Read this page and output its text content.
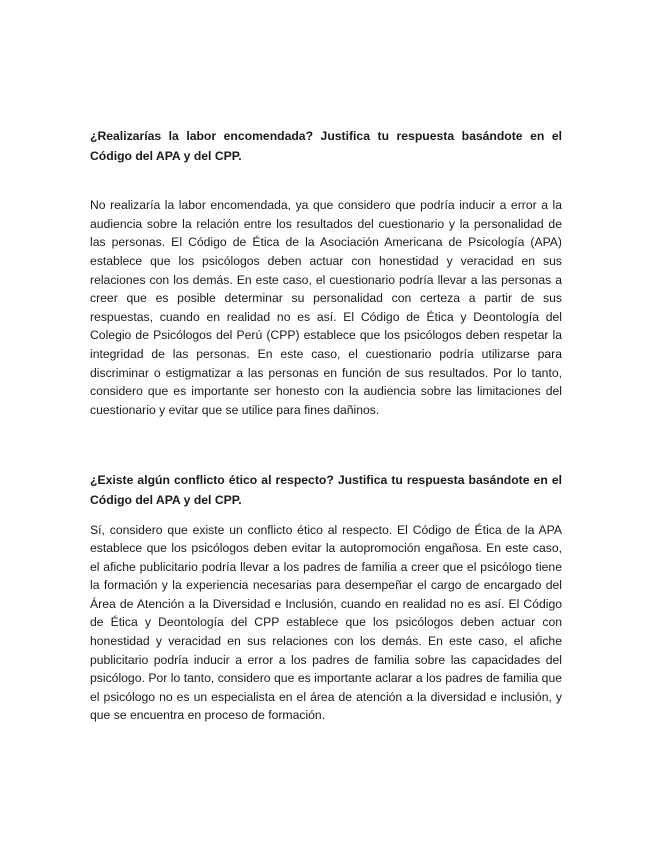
¿Realizarías la labor encomendada? Justifica tu respuesta basándote en el Código del APA y del CPP.

No realizaría la labor encomendada, ya que considero que podría inducir a error a la audiencia sobre la relación entre los resultados del cuestionario y la personalidad de las personas. El Código de Ética de la Asociación Americana de Psicología (APA) establece que los psicólogos deben actuar con honestidad y veracidad en sus relaciones con los demás. En este caso, el cuestionario podría llevar a las personas a creer que es posible determinar su personalidad con certeza a partir de sus respuestas, cuando en realidad no es así. El Código de Ética y Deontología del Colegio de Psicólogos del Perú (CPP) establece que los psicólogos deben respetar la integridad de las personas. En este caso, el cuestionario podría utilizarse para discriminar o estigmatizar a las personas en función de sus resultados. Por lo tanto, considero que es importante ser honesto con la audiencia sobre las limitaciones del cuestionario y evitar que se utilice para fines dañinos.

¿Existe algún conflicto ético al respecto? Justifica tu respuesta basándote en el Código del APA y del CPP.

Sí, considero que existe un conflicto ético al respecto. El Código de Ética de la APA establece que los psicólogos deben evitar la autopromoción engañosa. En este caso, el afiche publicitario podría llevar a los padres de familia a creer que el psicólogo tiene la formación y la experiencia necesarias para desempeñar el cargo de encargado del Área de Atención a la Diversidad e Inclusión, cuando en realidad no es así. El Código de Ética y Deontología del CPP establece que los psicólogos deben actuar con honestidad y veracidad en sus relaciones con los demás. En este caso, el afiche publicitario podría inducir a error a los padres de familia sobre las capacidades del psicólogo. Por lo tanto, considero que es importante aclarar a los padres de familia que el psicólogo no es un especialista en el área de atención a la diversidad e inclusión, y que se encuentra en proceso de formación.
